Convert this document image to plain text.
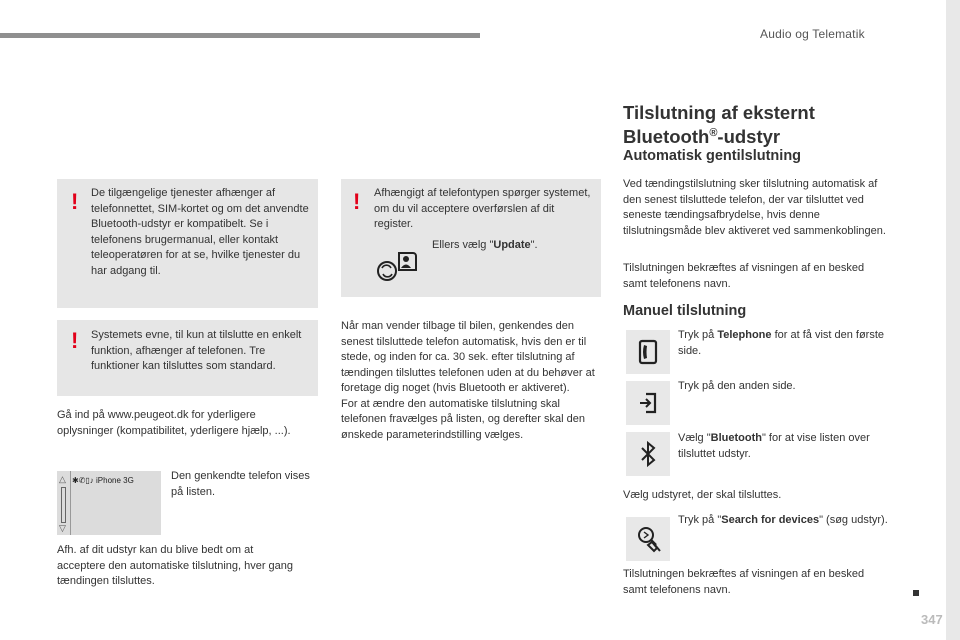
Audio og Telematik
! De tilgængelige tjenester afhænger af telefonnettet, SIM-kortet og om det anvendte Bluetooth-udstyr er kompatibelt. Se i telefonens brugermanual, eller kontakt teleoperatøren for at se, hvilke tjenester du har adgang til.
! Systemets evne, til kun at tilslutte en enkelt funktion, afhænger af telefonen. Tre funktioner kan tilsluttes som standard.
Gå ind på www.peugeot.dk for yderligere oplysninger (kompatibilitet, yderligere hjælp, ...).
△
▽
✱✆▯♪ iPhone 3G	Den genkendte telefon vises på listen.
Afh. af dit udstyr kan du blive bedt om at acceptere den automatiske tilslutning, hver gang tændingen tilsluttes.
! Afhængigt af telefontypen spørger systemet, om du vil acceptere overførslen af dit register.
Ellers vælg "Update".
Når man vender tilbage til bilen, genkendes den senest tilsluttede telefon automatisk, hvis den er til stede, og inden for ca. 30 sek. efter tilslutning af tændingen tilsluttes telefonen uden at du behøver at foretage dig noget (hvis Bluetooth er aktiveret).
For at ændre den automatiske tilslutning skal telefonen fravælges på listen, og derefter skal den ønskede parameterindstilling vælges.
Tilslutning af eksternt
Bluetooth®-udstyr
Automatisk gentilslutning
Ved tændingstilslutning sker tilslutning automatisk af den senest tilsluttede telefon, der var tilsluttet ved seneste tændingsafbrydelse, hvis denne tilslutningsmåde blev aktiveret ved sammenkoblingen.
Tilslutningen bekræftes af visningen af en besked samt telefonens navn.
Manuel tilslutning
Tryk på Telephone for at få vist den første side.
Tryk på den anden side.
Vælg "Bluetooth" for at vise listen over tilsluttet udstyr.
Vælg udstyret, der skal tilsluttes.
Tryk på "Search for devices" (søg udstyr).
Tilslutningen bekræftes af visningen af en besked samt telefonens navn.
347
